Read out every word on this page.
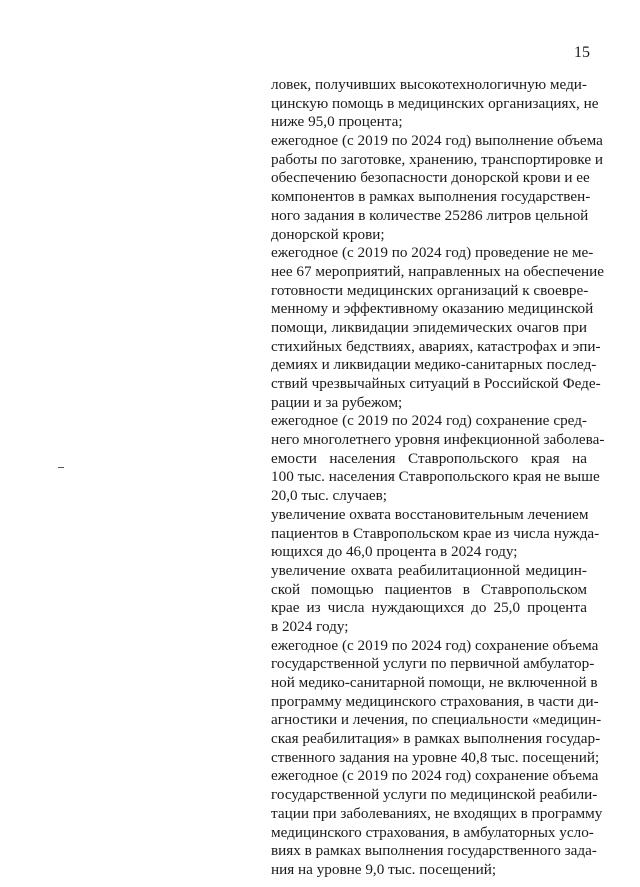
15
ловек, получивших высокотехнологичную меди-
цинскую помощь в медицинских организациях, не
ниже 95,0 процента;
ежегодное (с 2019 по 2024 год) выполнение объема
работы по заготовке, хранению, транспортировке и
обеспечению безопасности донорской крови и ее
компонентов в рамках выполнения государствен-
ного задания в количестве 25286 литров цельной
донорской крови;
ежегодное (с 2019 по 2024 год) проведение не ме-
нее 67 мероприятий, направленных на обеспечение
готовности медицинских организаций к своевре-
менному и эффективному оказанию медицинской
помощи, ликвидации эпидемических очагов при
стихийных бедствиях, авариях, катастрофах и эпи-
демиях и ликвидации медико-санитарных послед-
ствий чрезвычайных ситуаций в Российской Феде-
рации и за рубежом;
ежегодное (с 2019 по 2024 год) сохранение сред-
него многолетнего уровня инфекционной заболева-
емости населения Ставропольского края на
100 тыс. населения Ставропольского края не выше
20,0 тыс. случаев;
увеличение охвата восстановительным лечением
пациентов в Ставропольском крае из числа нужда-
ющихся до 46,0 процента в 2024 году;
увеличение охвата реабилитационной медицин-
ской помощью пациентов в Ставропольском
крае из числа нуждающихся до 25,0 процента
в 2024 году;
ежегодное (с 2019 по 2024 год) сохранение объема
государственной услуги по первичной амбулатор-
ной медико-санитарной помощи, не включенной в
программу медицинского страхования, в части ди-
агностики и лечения, по специальности «медицин-
ская реабилитация» в рамках выполнения государ-
ственного задания на уровне 40,8 тыс. посещений;
ежегодное (с 2019 по 2024 год) сохранение объема
государственной услуги по медицинской реабили-
тации при заболеваниях, не входящих в программу
медицинского страхования, в амбулаторных усло-
виях в рамках выполнения государственного зада-
ния на уровне 9,0 тыс. посещений;
